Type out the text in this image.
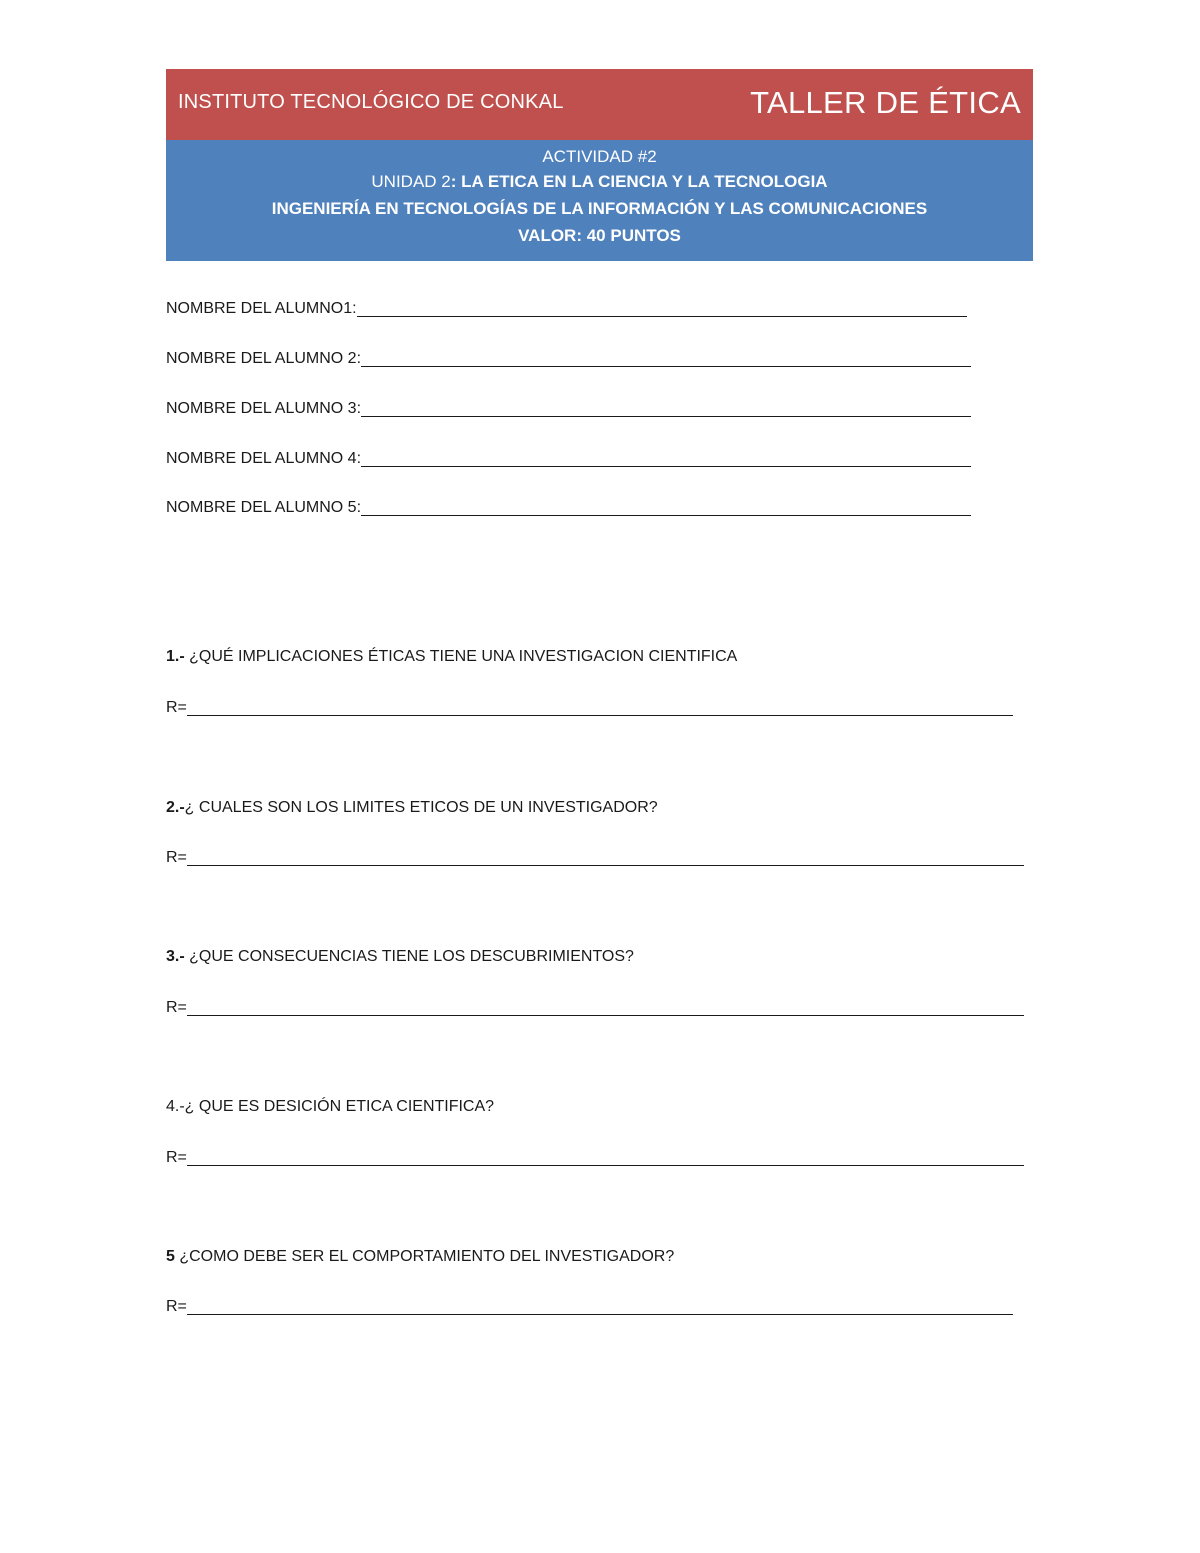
INSTITUTO TECNOLÓGICO DE CONKAL	TALLER DE ÉTICA
ACTIVIDAD #2
UNIDAD 2: LA ETICA EN LA CIENCIA Y LA TECNOLOGIA
INGENIERÍA EN TECNOLOGÍAS DE LA INFORMACIÓN Y LAS COMUNICACIONES
VALOR: 40 PUNTOS
NOMBRE DEL ALUMNO1:
NOMBRE DEL ALUMNO 2:
NOMBRE DEL ALUMNO 3:
NOMBRE DEL ALUMNO 4:
NOMBRE DEL ALUMNO 5:
1.- ¿QUÉ IMPLICACIONES ÉTICAS TIENE UNA INVESTIGACION CIENTIFICA
R=
2.-¿ CUALES SON LOS LIMITES ETICOS DE UN INVESTIGADOR?
R=
3.- ¿QUE CONSECUENCIAS TIENE LOS DESCUBRIMIENTOS?
R=
4.-¿ QUE ES DESICIÓN ETICA CIENTIFICA?
R=
5 ¿COMO DEBE SER EL COMPORTAMIENTO DEL INVESTIGADOR?
R=
